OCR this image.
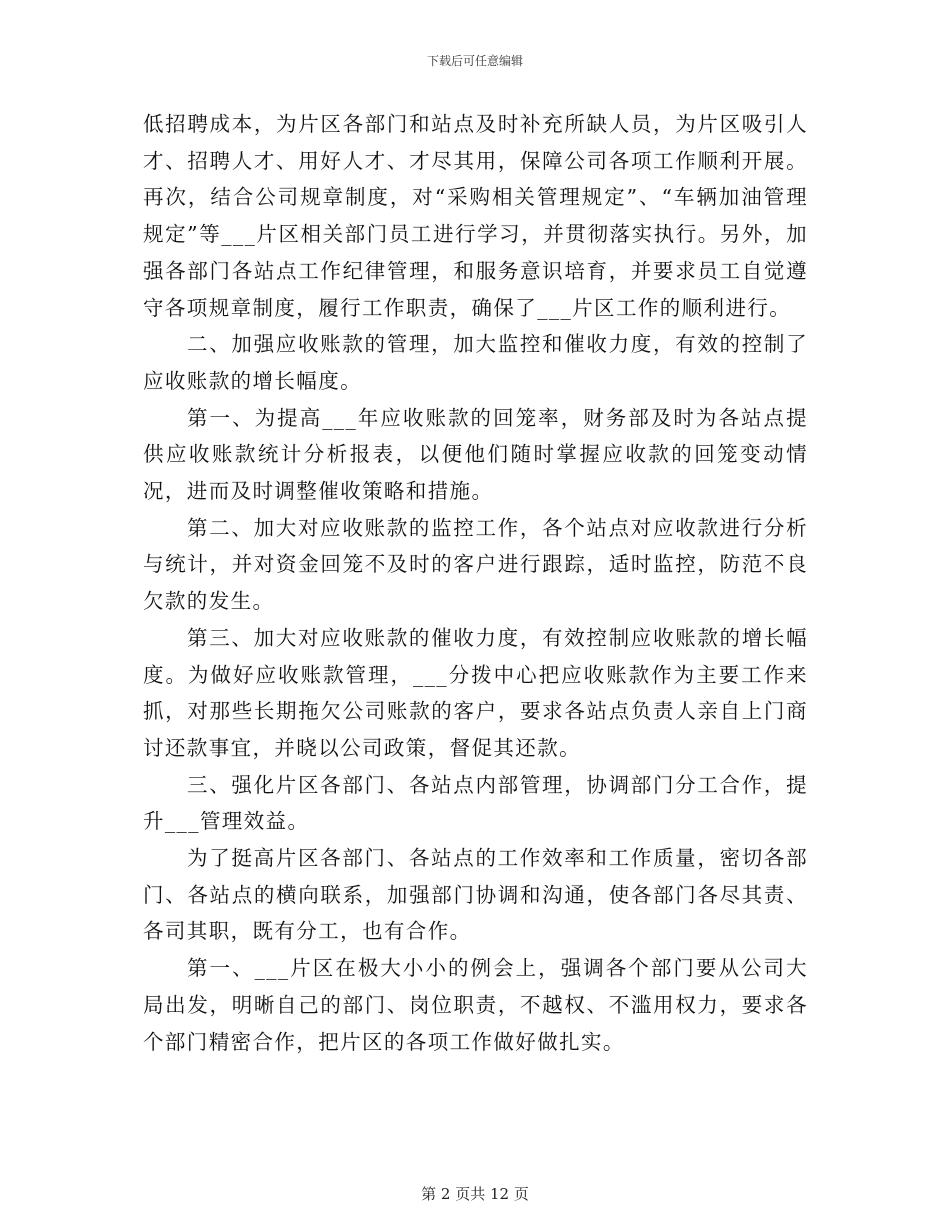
下载后可任意编辑

低招聘成本，为片区各部门和站点及时补充所缺人员，为片区吸引人才、招聘人才、用好人才、才尽其用，保障公司各项工作顺利开展。再次，结合公司规章制度，对“采购相关管理规定”、“车辆加油管理规定”等___片区相关部门员工进行学习，并贯彻落实执行。另外，加强各部门各站点工作纪律管理，和服务意识培育，并要求员工自觉遵守各项规章制度，履行工作职责，确保了___片区工作的顺利进行。

二、加强应收账款的管理，加大监控和催收力度，有效的控制了应收账款的增长幅度。

第一、为提高___年应收账款的回笼率，财务部及时为各站点提供应收账款统计分析报表，以便他们随时掌握应收款的回笼变动情况，进而及时调整催收策略和措施。

第二、加大对应收账款的监控工作，各个站点对应收款进行分析与统计，并对资金回笼不及时的客户进行跟踪，适时监控，防范不良欠款的发生。

第三、加大对应收账款的催收力度，有效控制应收账款的增长幅度。为做好应收账款管理，___分拨中心把应收账款作为主要工作来抓，对那些长期拖欠公司账款的客户，要求各站点负责人亲自上门商讨还款事宜，并晓以公司政策，督促其还款。

三、强化片区各部门、各站点内部管理，协调部门分工合作，提升___管理效益。

为了挺高片区各部门、各站点的工作效率和工作质量，密切各部门、各站点的横向联系，加强部门协调和沟通，使各部门各尽其责、各司其职，既有分工，也有合作。

第一、___片区在极大小小的例会上，强调各个部门要从公司大局出发，明晰自己的部门、岗位职责，不越权、不滥用权力，要求各个部门精密合作，把片区的各项工作做好做扎实。

第 2 页共 12 页
